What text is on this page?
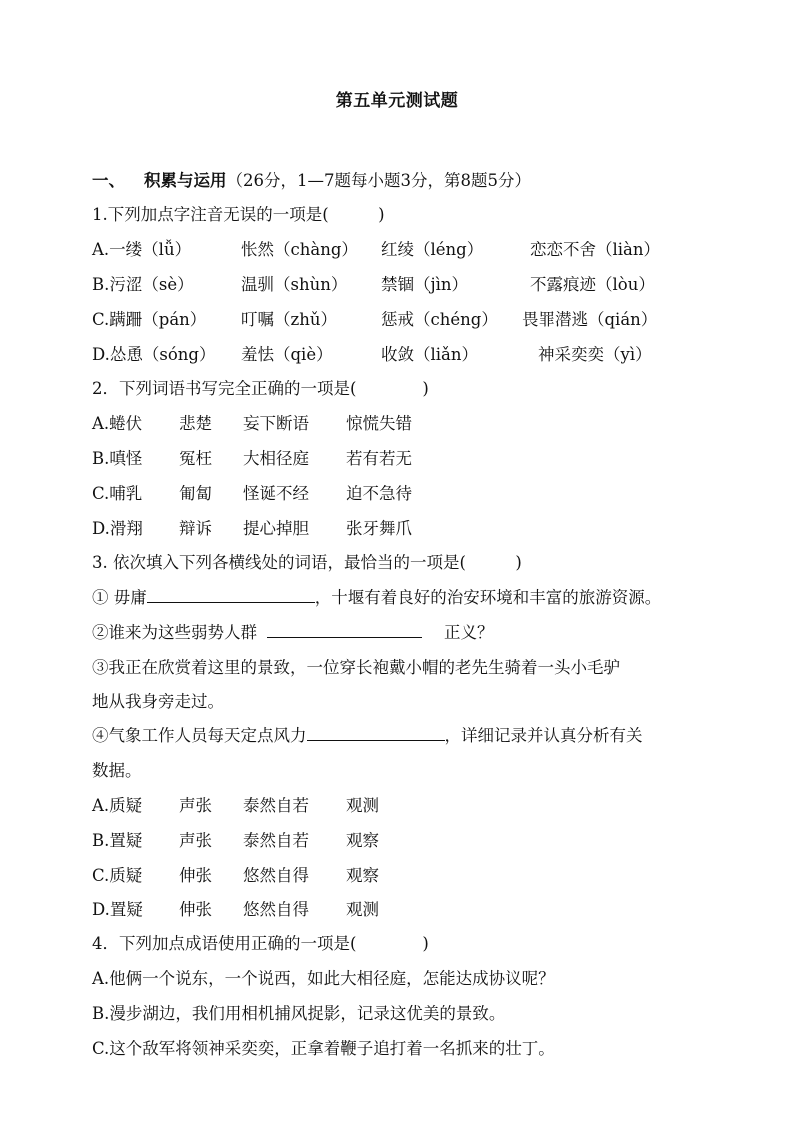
第五单元测试题
一、 积累与运用（26分，1—7题每小题3分，第8题5分）
1.下列加点字注音无误的一项是(　　　)
A.一缕（lǚ）	怅然（chàng） 红绫（léng）	恋恋不舍（liàn）
B.污涩（sè）	温驯（shùn） 禁锢（jìn）	不露痕迹（lòu）
C.蹒跚（pán） 叮嘱（zhǔ）	惩戒（chéng） 畏罪潜逃（qián）
D.怂恿（sóng） 羞怯（qiè）	收敛（liǎn）	神采奕奕（yì）
2．下列词语书写完全正确的一项是(　　　　)
A.蜷伏 悲楚 妄下断语 惊慌失错
B.嗔怪 冤枉 大相径庭 若有若无
C.哺乳 匍匐 怪诞不经 迫不急待
D.滑翔 辩诉 提心掉胆 张牙舞爪
3. 依次填入下列各横线处的词语，最恰当的一项是(　　　)
① 毋庸	，十堰有着良好的治安环境和丰富的旅游资源。
②谁来为这些弱势人群	正义？
③我正在欣赏着这里的景致，一位穿长袍戴小帽的老先生骑着一头小毛驴
地从我身旁走过。
④气象工作人员每天定点风力	，详细记录并认真分析有关
数据。
A.质疑 声张 泰然自若 观测
B.置疑 声张 泰然自若 观察
C.质疑 伸张 悠然自得 观察
D.置疑 伸张 悠然自得 观测
4．下列加点成语使用正确的一项是(　　　　)
A.他俩一个说东，一个说西，如此大相径庭，怎能达成协议呢？
B.漫步湖边，我们用相机捕风捉影，记录这优美的景致。
C.这个敌军将领神采奕奕，正拿着鞭子追打着一名抓来的壮丁。
